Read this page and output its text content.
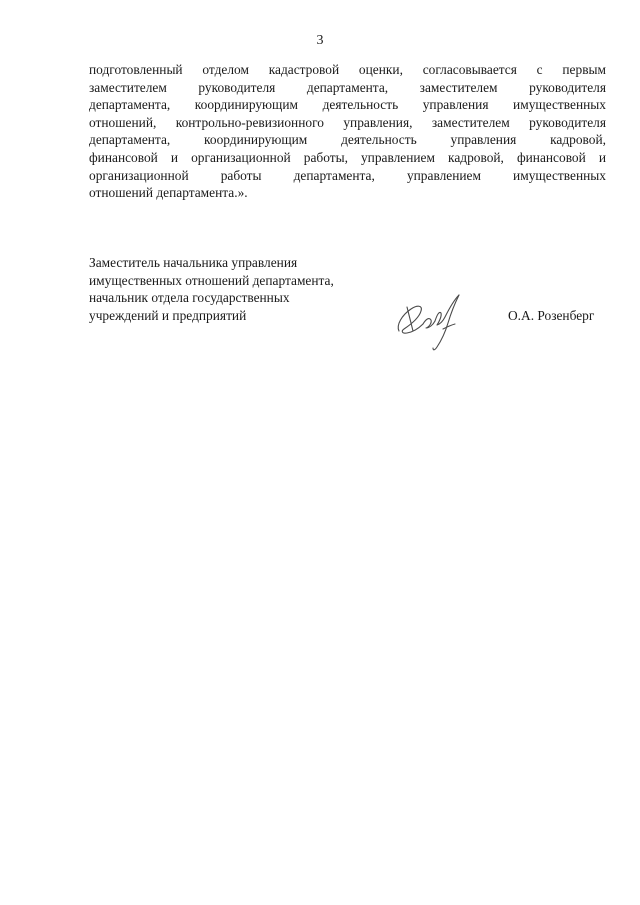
3
подготовленный отделом кадастровой оценки, согласовывается с первым
заместителем руководителя департамента, заместителем руководителя
департамента, координирующим деятельность управления имущественных
отношений, контрольно-ревизионного управления, заместителем руководителя
департамента, координирующим деятельность управления кадровой,
финансовой и организационной работы, управлением кадровой, финансовой и
организационной работы департамента, управлением имущественных
отношений департамента.».
Заместитель начальника управления
имущественных отношений департамента,
начальник отдела государственных
учреждений и предприятий	О.А. Розенберг
